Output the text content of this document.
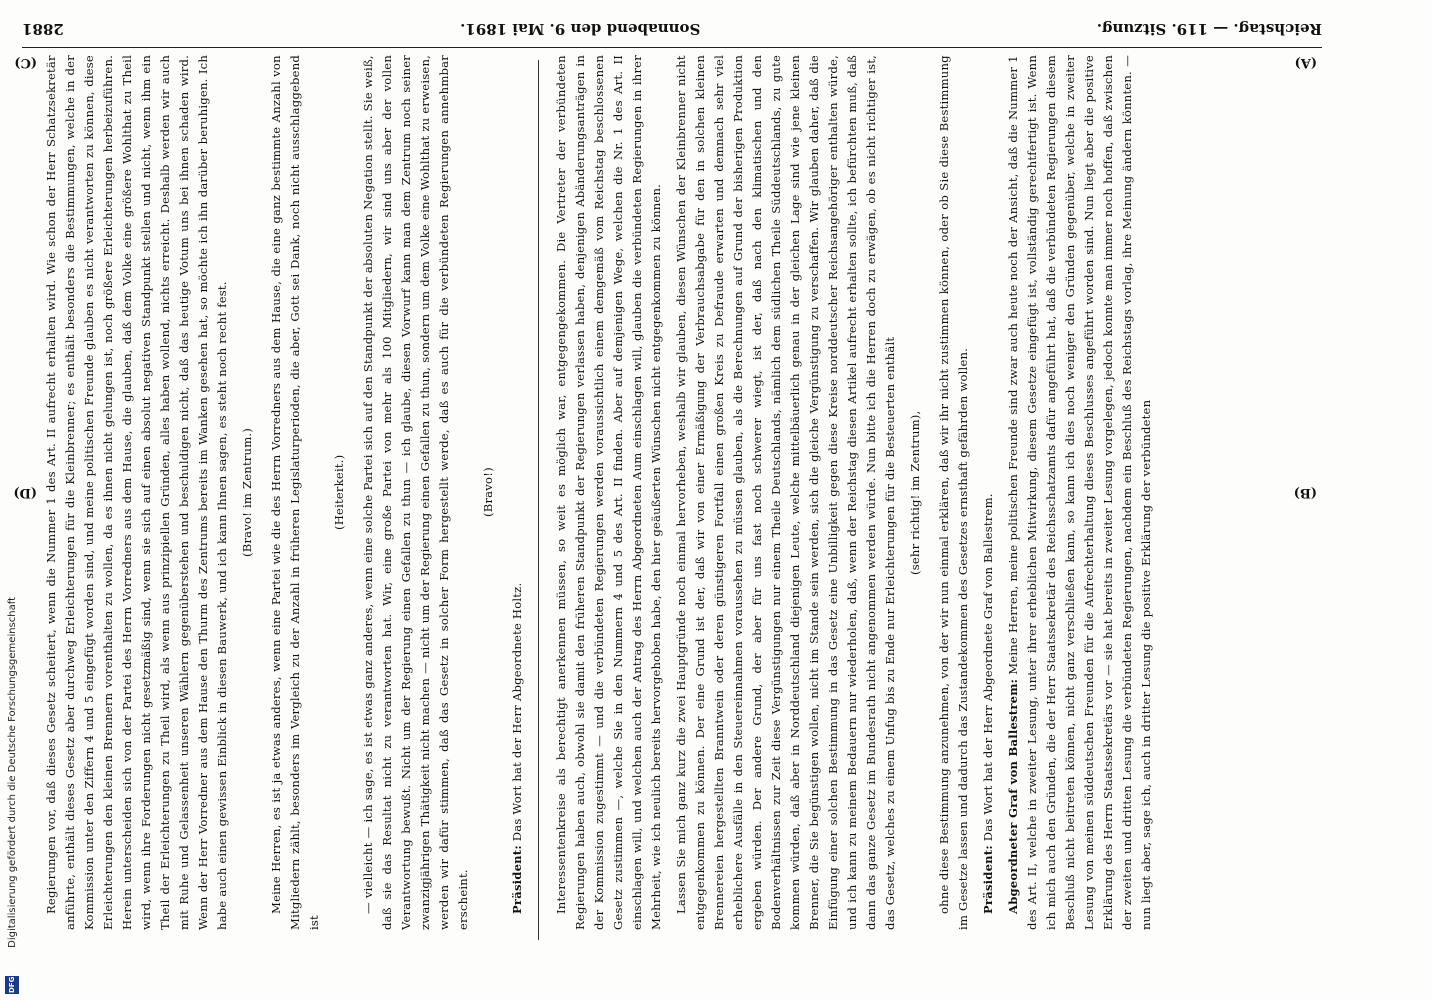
Digitalisierung gefördert durch die Deutsche Forschungsgemeinschaft
DFG
Reichstag. — 119. Sitzung.
Sonnabend den 9. Mai 1891.
2881
(A)
(B)
(C)
(D)	Interessentenkreise als berechtigt anerkennen müssen, so weit es möglich war, entgegengekommen. Die Vertreter der verbündeten Regierungen haben auch, obwohl sie damit den früheren Standpunkt der Regierungen verlassen haben, denjenigen Abänderungsanträgen in der Kommission zugestimmt — und die verbündeten Regierungen werden voraussichtlich einem demgemäß vom Reichstag beschlossenen Gesetz zustimmen —, welche Sie in den Nummern 4 und 5 des Art. II finden. Aber auf demjenigen Wege, welchen die Nr. 1 des Art. II einschlagen will, und welchen auch der Antrag des Herrn Abgeordneten Aum einschlagen will, glauben die verbündeten Regierungen in ihrer Mehrheit, wie ich neulich bereits hervorgehoben habe, den hier geäußerten Wünschen nicht entgegenkommen zu können. Lassen Sie mich ganz kurz die zwei Hauptgründe noch einmal hervorheben, weshalb wir glauben, diesen Wünschen der Kleinbrenner nicht entgegenkommen zu können. Der eine Grund ist der, daß wir von einer Ermäßigung der Verbrauchsabgabe für den in solchen kleinen Brennereien hergestellten Branntwein oder deren günstigeren Fortfall einen großen Kreis zu Defraude erwarten und demnach sehr viel erheblichere Ausfälle in den Steuereinnahmen voraussehen zu müssen glauben, als die Berechnungen auf Grund der bisherigen Produktion ergeben würden. Der andere Grund, der aber für uns fast noch schwerer wiegt, ist der, daß nach den klimatischen und den Bodenverhältnissen zur Zeit diese Vergünstigungen nur einem Theile Deutschlands, nämlich dem südlichen Theile Süddeutschlands, zu gute kommen würden, daß aber in Norddeutschland diejenigen Leute, welche mittelbäuerlich genau in der gleichen Lage sind wie jene kleinen Brenner, die Sie begünstigen wollen, nicht im Stande sein werden, sich die gleiche Vergünstigung zu verschaffen. Wir glauben daher, daß die Einfügung einer solchen Bestimmung in das Gesetz eine Unbilligkeit gegen diese Kreise norddeutscher Reichsangehöriger enthalten würde, und ich kann zu meinem Bedauern nur wiederholen, daß, wenn der Reichstag diesen Artikel aufrecht erhalten sollte, ich befürchten muß, daß dann das ganze Gesetz im Bundesrath nicht angenommen werden würde. Nun bitte ich die Herren doch zu erwägen, ob es nicht richtiger ist, das Gesetz, welches zu einem Unfug bis zu Ende nur Erleichterungen für die Besteuerten enthält (sehr richtig! im Zentrum), ohne diese Bestimmung anzunehmen, von der wir nun einmal erklären, daß wir ihr nicht zustimmen können, oder ob Sie diese Bestimmung im Gesetze lassen und dadurch das Zustandekommen des Gesetzes ernsthaft gefährden wollen. Präsident: Das Wort hat der Herr Abgeordnete Graf von Ballestrem. Abgeordneter Graf von Ballestrem: Meine Herren, meine politischen Freunde sind zwar auch heute noch der Ansicht, daß die Nummer 1 des Art. II, welche in zweiter Lesung, unter ihrer erheblichen Mitwirkung, diesem Gesetze eingefügt ist, vollständig gerechtfertigt ist. Wenn ich mich auch den Gründen, die der Herr Staatssekretär des Reichsschatzamts dafür angeführt hat, daß die verbündeten Regierungen diesem Beschluß nicht beitreten können, nicht ganz verschließen kann, so kann ich dies noch weniger den Gründen gegenüber, welche in zweiter Lesung von meinen süddeutschen Freunden für die Aufrechterhaltung dieses Beschlusses angeführt worden sind. Nun liegt aber die positive Erklärung des Herrn Staatssekretärs vor — sie hat bereits in zweiter Lesung vorgelegen, jedoch konnte man immer noch hoffen, daß zwischen der zweiten und dritten Lesung die verbündeten Regierungen, nachdem ein Beschluß des Reichstags vorlag, ihre Meinung ändern könnten. — nun liegt aber, sage ich, auch in dritter Lesung die positive Erklärung der verbündeten

Regierungen vor, daß dieses Gesetz scheitert, wenn die Nummer 1 des Art. II aufrecht erhalten wird. Wie schon der Herr Schatzsekretär anführte, enthält dieses Gesetz aber durchweg Erleichterungen für die Kleinbrenner; es enthält besonders die Bestimmungen, welche in der Kommission unter den Ziffern 4 und 5 eingefügt worden sind, und meine politischen Freunde glauben es nicht verantworten zu können, diese Erleichterungen den kleinen Brennern vorenthalten zu wollen, da es ihnen nicht gelungen ist, noch größere Erleichterungen herbeizuführen. Herein unterscheiden sich von der Partei des Herrn Vorredners aus dem Hause, die glauben, daß dem Volke eine größere Wohlthat zu Theil wird, wenn ihre Forderungen nicht gesetzmäßig sind, wenn sie sich auf einen absolut negativen Standpunkt stellen und nicht, wenn ihm ein Theil der Erleichterungen zu Theil wird, als wenn aus prinzipiellen Gründen, alles haben wollend, nichts erreicht. Deshalb werden wir auch mit Ruhe und Gelassenheit unseren Wählern gegenüberstehen und beschuldigen nicht, daß das heutige Votum uns bei ihnen schaden wird. Wenn der Herr Vorredner aus dem Hause den Thurm des Zentrums bereits im Wanken gesehen hat, so möchte ich ihn darüber beruhigen. Ich habe auch einen gewissen Einblick in diesen Bauwerk, und ich kann Ihnen sagen, es steht noch recht fest. (Bravo! im Zentrum.) Meine Herren, es ist ja etwas anderes, wenn eine Partei wie die des Herrn Vorredners aus dem Hause, die eine ganz bestimmte Anzahl von Mitgliedern zählt, besonders im Vergleich zu der Anzahl in früheren Legislaturperioden, die aber, Gott sei Dank, noch nicht ausschlaggebend ist

(Heiterkeit.) — vielleicht — ich sage, es ist etwas ganz anderes, wenn eine solche Partei sich auf den Standpunkt der absoluten Negation stellt. Sie weiß, daß sie das Resultat nicht zu verantworten hat. Wir, eine große Partei von mehr als 100 Mitgliedern, wir sind uns aber der vollen Verantwortung bewußt. Nicht um der Regierung einen Gefallen zu thun — ich glaube, diesen Vorwurf kann man dem Zentrum noch seiner zwanzigjährigen Thätigkeit nicht machen — nicht um der Regierung einen Gefallen zu thun, sondern um dem Volke eine Wohlthat zu erweisen, werden wir dafür stimmen, daß das Gesetz in solcher Form hergestellt werde, daß es auch für die verbündeten Regierungen annehmbar erscheint.

(Bravo!)

Präsident: Das Wort hat der Herr Abgeordnete Holtz.
